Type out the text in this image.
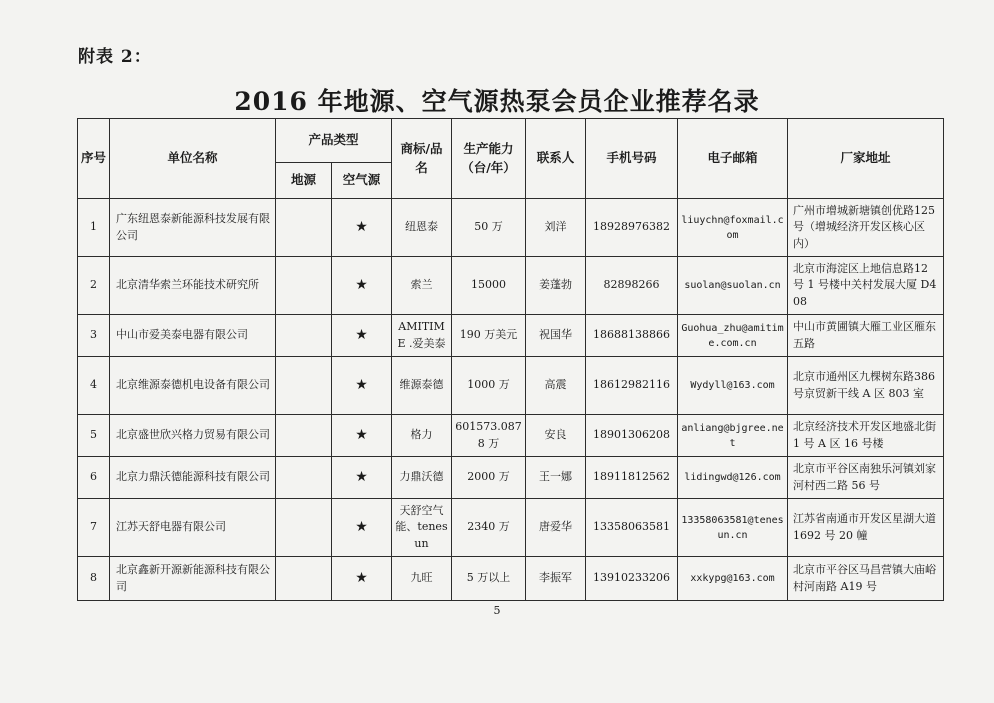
附表 2：
2016 年地源、空气源热泵会员企业推荐名录
序号	单位名称	产品类型		商标/品名	生产能力（台/年）	联系人	手机号码	电子邮箱	厂家地址
		地源	空气源						
1	广东纽恩泰新能源科技发展有限公司		★	纽恩泰	50 万	刘洋	18928976382	liuychn@foxmail.com	广州市增城新塘镇创优路125 号（增城经济开发区核心区内）
2	北京清华索兰环能技术研究所		★	索兰	15000	姜蓬勃	82898266	suolan@suolan.cn	北京市海淀区上地信息路12 号 1 号楼中关村发展大厦 D408
3	中山市爱美泰电器有限公司		★	AMITIME .爱美泰	190 万美元	祝国华	18688138866	Guohua_zhu@amitime.com.cn	中山市黄圃镇大雁工业区雁东五路
4	北京维源泰德机电设备有限公司		★	维源泰德	1000 万	高震	18612982116	Wydyll@163.com	北京市通州区九棵树东路386 号京贸新干线 A 区 803 室
5	北京盛世欣兴格力贸易有限公司		★	格力	601573.0878 万	安良	18901306208	anliang@bjgree.net	北京经济技术开发区地盛北街 1 号 A 区 16 号楼
6	北京力鼎沃德能源科技有限公司		★	力鼎沃德	2000 万	王一娜	18911812562	lidingwd@126.com	北京市平谷区南独乐河镇刘家河村西二路 56 号
7	江苏天舒电器有限公司		★	天舒空气能、tenesun	2340 万	唐爱华	13358063581	13358063581@tenesun.cn	江苏省南通市开发区星湖大道 1692 号 20 幢
8	北京鑫新开源新能源科技有限公司		★	九旺	5 万以上	李振军	13910233206	xxkypg@163.com	北京市平谷区马昌营镇大庙峪村河南路 A19 号
5
